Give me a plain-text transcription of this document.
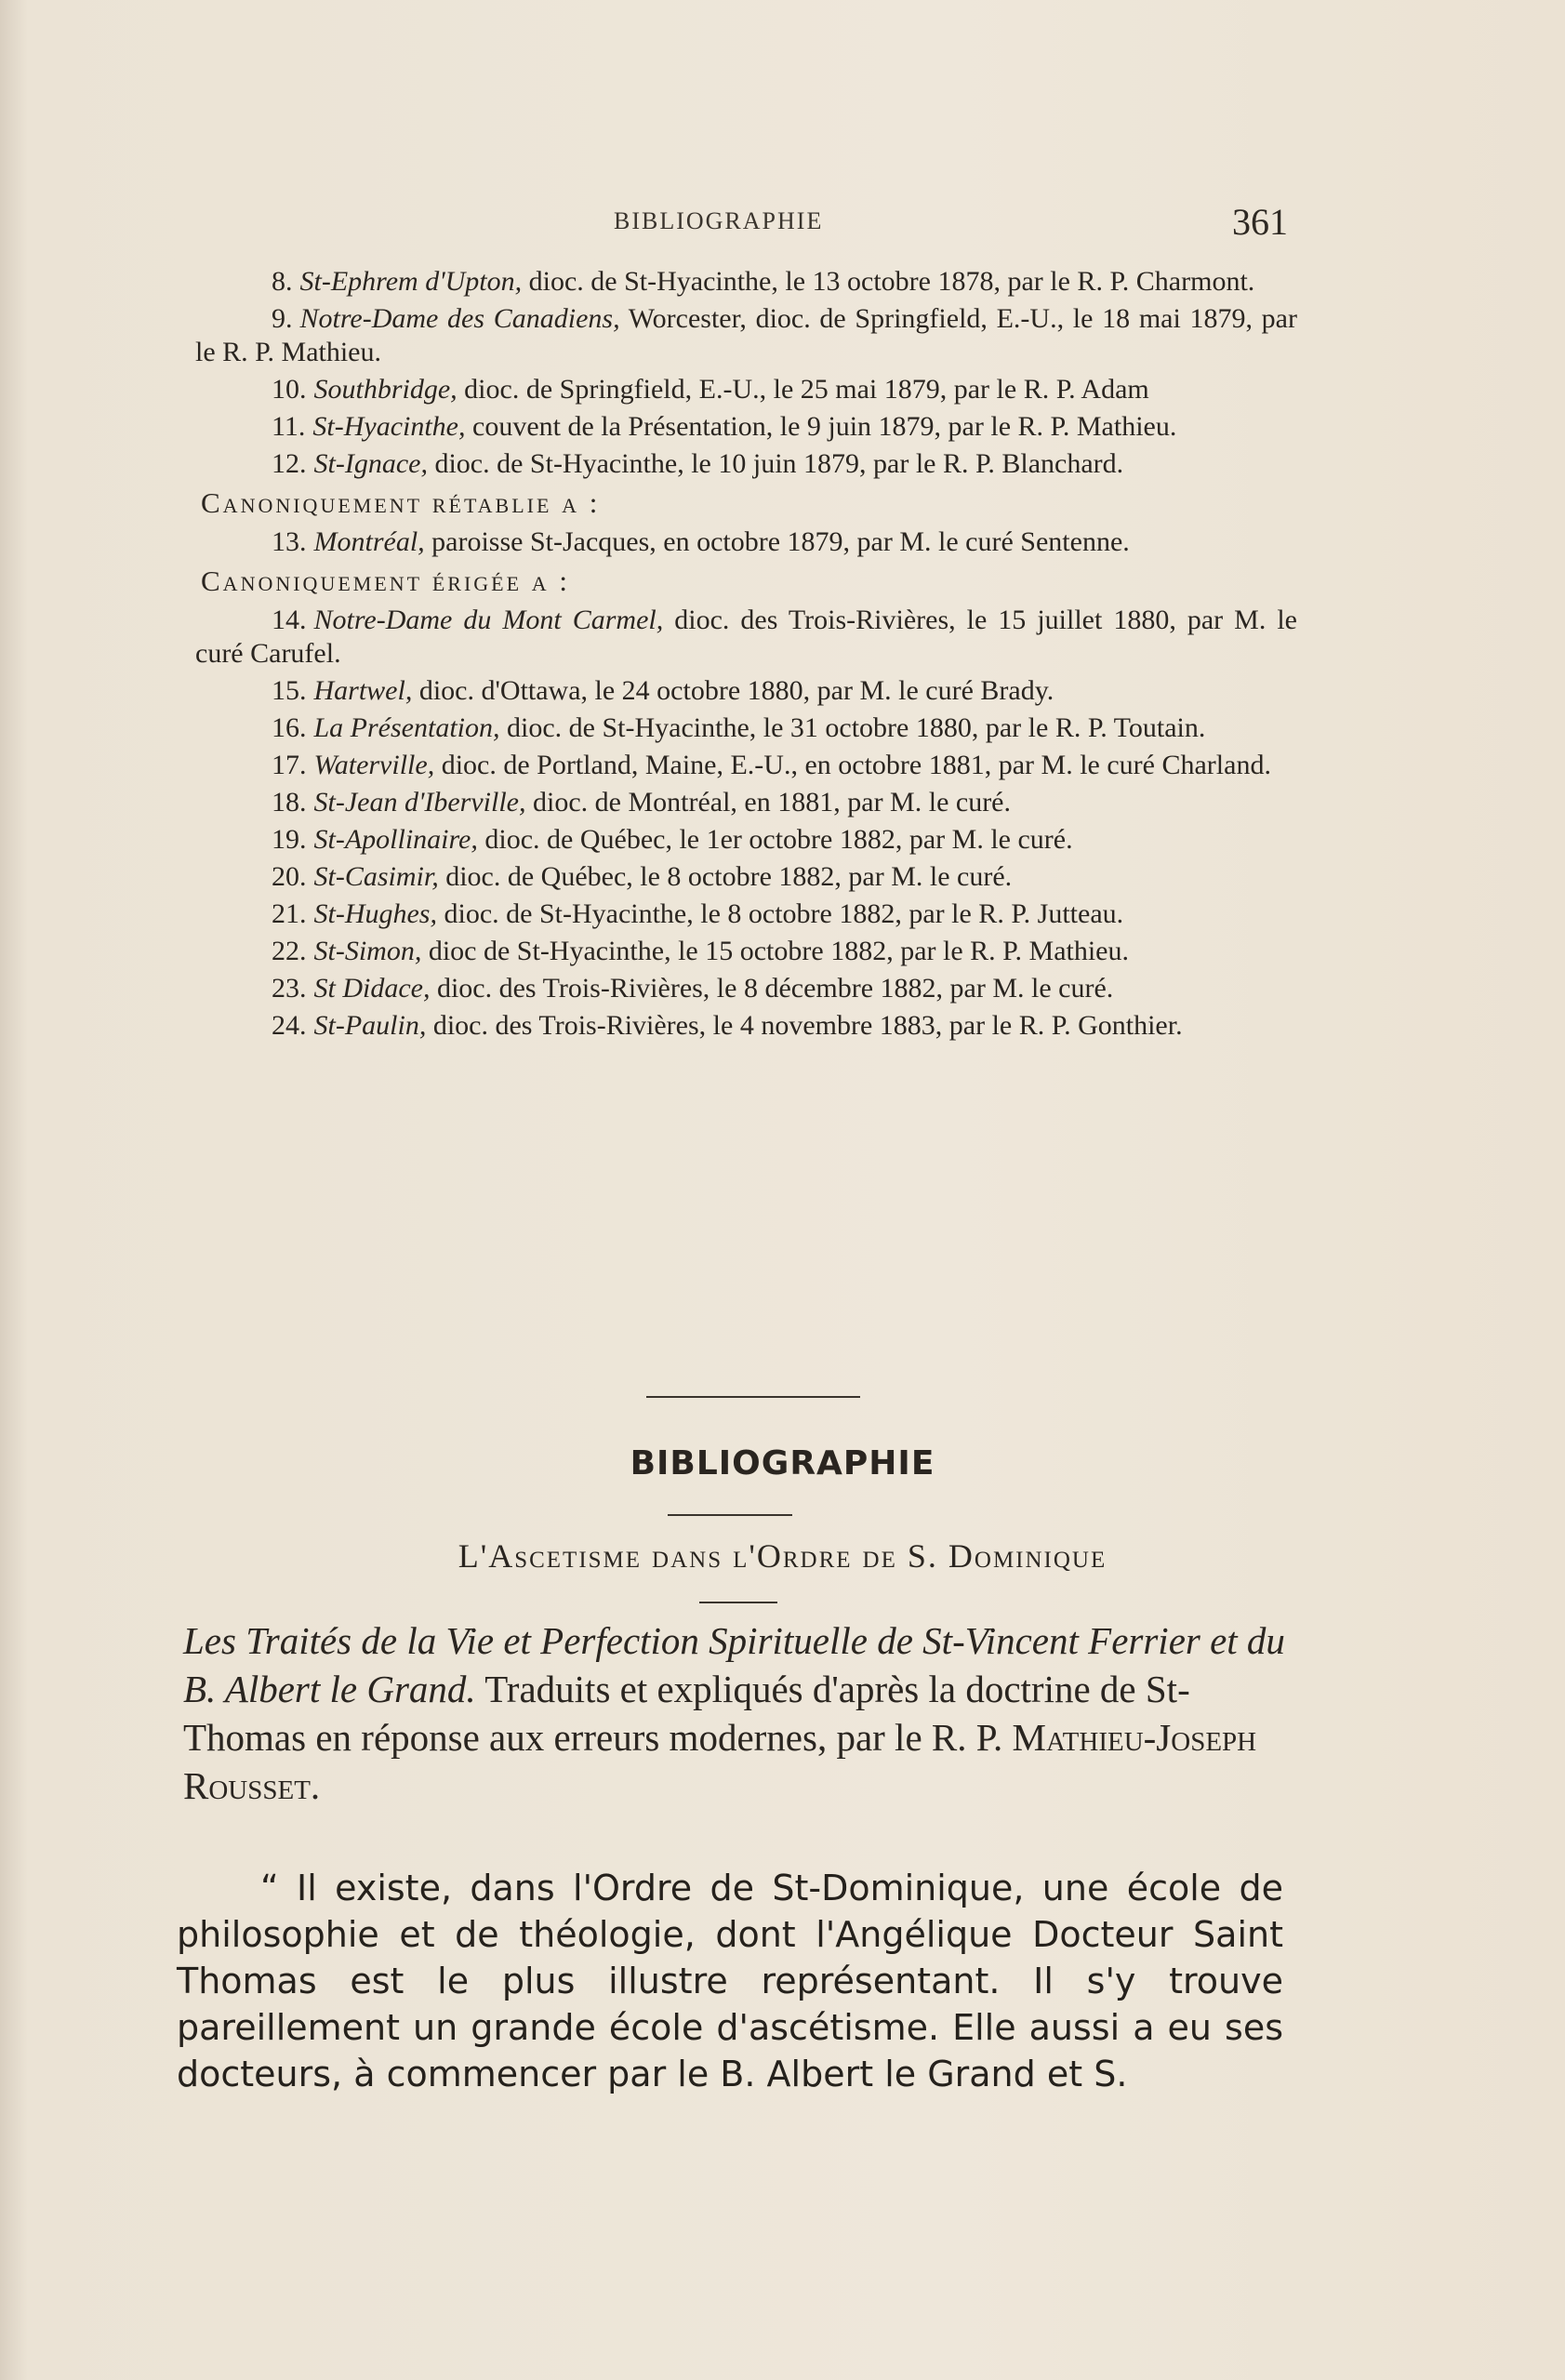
BIBLIOGRAPHIE	361
8. St-Ephrem d'Upton, dioc. de St-Hyacinthe, le 13 octobre 1878, par le R. P. Charmont.
9. Notre-Dame des Canadiens, Worcester, dioc. de Springfield, E.-U., le 18 mai 1879, par le R. P. Mathieu.
10. Southbridge, dioc. de Springfield, E.-U., le 25 mai 1879, par le R. P. Adam
11. St-Hyacinthe, couvent de la Présentation, le 9 juin 1879, par le R. P. Mathieu.
12. St-Ignace, dioc. de St-Hyacinthe, le 10 juin 1879, par le R. P. Blanchard.
Canoniquement rétablie a :
13. Montréal, paroisse St-Jacques, en octobre 1879, par M. le curé Sentenne.
Canoniquement érigée a :
14. Notre-Dame du Mont Carmel, dioc. des Trois-Rivières, le 15 juillet 1880, par M. le curé Carufel.
15. Hartwel, dioc. d'Ottawa, le 24 octobre 1880, par M. le curé Brady.
16. La Présentation, dioc. de St-Hyacinthe, le 31 octobre 1880, par le R. P. Toutain.
17. Waterville, dioc. de Portland, Maine, E.-U., en octobre 1881, par M. le curé Charland.
18. St-Jean d'Iberville, dioc. de Montréal, en 1881, par M. le curé.
19. St-Apollinaire, dioc. de Québec, le 1er octobre 1882, par M. le curé.
20. St-Casimir, dioc. de Québec, le 8 octobre 1882, par M. le curé.
21. St-Hughes, dioc. de St-Hyacinthe, le 8 octobre 1882, par le R. P. Jutteau.
22. St-Simon, dioc de St-Hyacinthe, le 15 octobre 1882, par le R. P. Mathieu.
23. St Didace, dioc. des Trois-Rivières, le 8 décembre 1882, par M. le curé.
24. St-Paulin, dioc. des Trois-Rivières, le 4 novembre 1883, par le R. P. Gonthier.
BIBLIOGRAPHIE
L'Ascetisme dans l'Ordre de S. Dominique
Les Traités de la Vie et Perfection Spirituelle de St-Vincent Ferrier et du B. Albert le Grand. Traduits et expliqués d'après la doctrine de St-Thomas en réponse aux erreurs modernes, par le R. P. Mathieu-Joseph Rousset.
“ Il existe, dans l'Ordre de St-Dominique, une école de philosophie et de théologie, dont l'Angélique Docteur Saint Thomas est le plus illustre représentant. Il s'y trouve pareillement un grande école d'ascétisme. Elle aussi a eu ses docteurs, à commencer par le B. Albert le Grand et S.
